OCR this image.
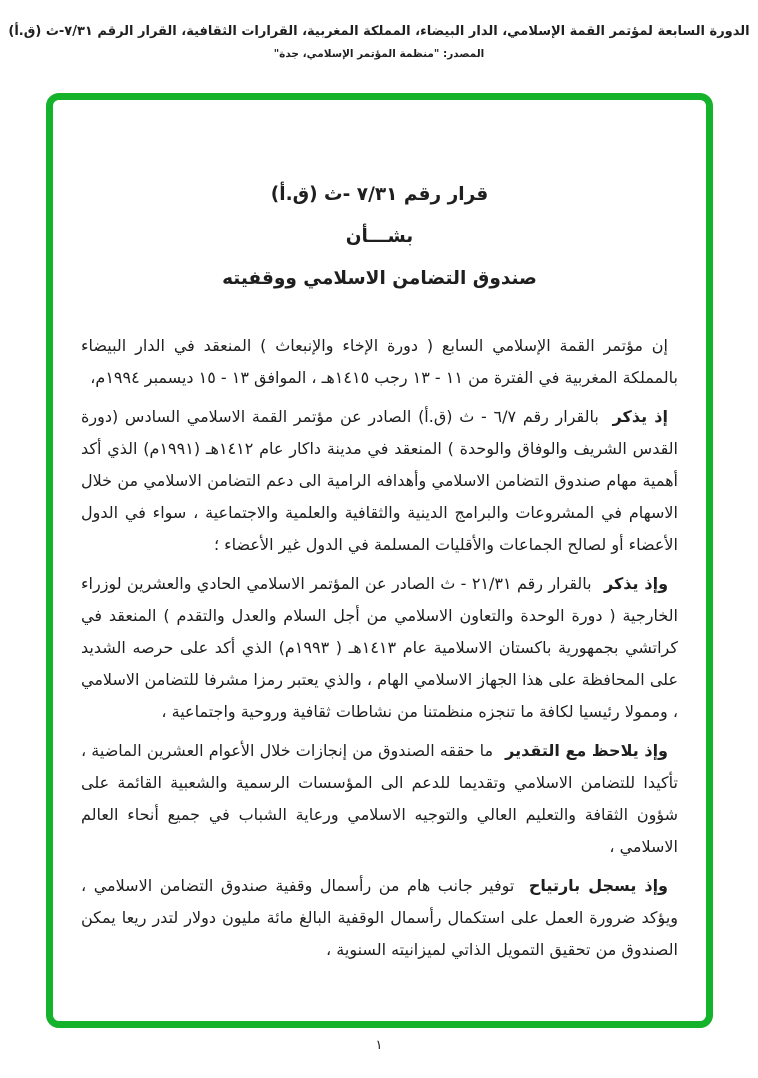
الدورة السابعة لمؤتمر القمة الإسلامي، الدار البيضاء، المملكة المغربية، القرارات الثقافية، القرار الرقم ٧/٣١-ث (ق.أ)
المصدر: "منظمة المؤتمر الإسلامي، جدة"
قرار رقم ٧/٣١ -ث (ق.أ)
بشـــأن
صندوق التضامن الاسلامي ووقفيته

إن مؤتمر القمة الإسلامي السابع ( دورة الإخاء والإنبعاث ) المنعقد في الدار البيضاء بالمملكة المغربية في الفترة من ١١ - ١٣ رجب ١٤١٥هـ ، الموافق ١٣ - ١٥ ديسمبر ١٩٩٤م،

إذ يذكر بالقرار رقم ٦/٧ - ث (ق.أ) الصادر عن مؤتمر القمة الاسلامي السادس (دورة القدس الشريف والوفاق والوحدة ) المنعقد في مدينة داكار عام ١٤١٢هـ (١٩٩١م) الذي أكد أهمية مهام صندوق التضامن الاسلامي وأهدافه الرامية الى دعم التضامن الاسلامي من خلال الاسهام في المشروعات والبرامج الدينية والثقافية والعلمية والاجتماعية ، سواء في الدول الأعضاء أو لصالح الجماعات والأقليات المسلمة في الدول غير الأعضاء ؛

وإذ يذكر بالقرار رقم ٢١/٣١ - ث الصادر عن المؤتمر الاسلامي الحادي والعشرين لوزراء الخارجية ( دورة الوحدة والتعاون الاسلامي من أجل السلام والعدل والتقدم ) المنعقد في كراتشي بجمهورية باكستان الاسلامية عام ١٤١٣هـ ( ١٩٩٣م) الذي أكد على حرصه الشديد على المحافظة على هذا الجهاز الاسلامي الهام ، والذي يعتبر رمزا مشرفا للتضامن الاسلامي ، وممولا رئيسيا لكافة ما تنجزه منظمتنا من نشاطات ثقافية وروحية واجتماعية ،

وإذ يلاحظ مع التقدير ما حققه الصندوق من إنجازات خلال الأعوام العشرين الماضية ، تأكيدا للتضامن الاسلامي وتقديما للدعم الى المؤسسات الرسمية والشعبية القائمة على شؤون الثقافة والتعليم العالي والتوجيه الاسلامي ورعاية الشباب في جميع أنحاء العالم الاسلامي ،

وإذ يسجل بارتياح توفير جانب هام من رأسمال وقفية صندوق التضامن الاسلامي ، ويؤكد ضرورة العمل على استكمال رأسمال الوقفية البالغ مائة مليون دولار لتدر ريعا يمكن الصندوق من تحقيق التمويل الذاتي لميزانيته السنوية ،

١
